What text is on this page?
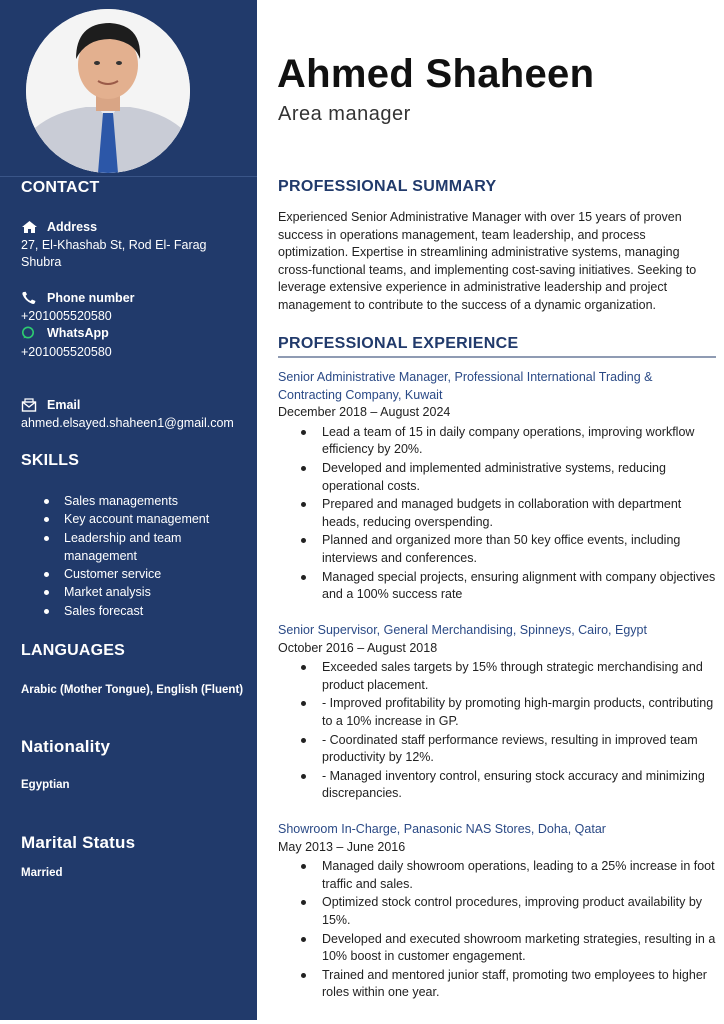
CONTACT
Address
27, El-Khashab St, Rod El- Farag Shubra
Phone number
+201005520580
WhatsApp
+201005520580
Email
ahmed.elsayed.shaheen1@gmail.com
SKILLS
Sales managements
Key account management
Leadership and team management
Customer service
Market analysis
Sales forecast
LANGUAGES
Arabic (Mother Tongue), English (Fluent)
Nationality
Egyptian
Marital Status
Married
Ahmed Shaheen
Area manager
PROFESSIONAL SUMMARY
Experienced Senior Administrative Manager with over 15 years of proven success in operations management, team leadership, and process optimization. Expertise in streamlining administrative systems, managing cross-functional teams, and implementing cost-saving initiatives. Seeking to leverage extensive experience in administrative leadership and project management to contribute to the success of a dynamic organization.
PROFESSIONAL EXPERIENCE
Senior Administrative Manager, Professional International Trading & Contracting Company, Kuwait
December 2018 – August 2024
Lead a team of 15 in daily company operations, improving workflow efficiency by 20%.
Developed and implemented administrative systems, reducing operational costs.
Prepared and managed budgets in collaboration with department heads, reducing overspending.
Planned and organized more than 50 key office events, including interviews and conferences.
Managed special projects, ensuring alignment with company objectives and a 100% success rate
Senior Supervisor, General Merchandising, Spinneys, Cairo, Egypt
October 2016 – August 2018
Exceeded sales targets by 15% through strategic merchandising and product placement.
- Improved profitability by promoting high-margin products, contributing to a 10% increase in GP.
- Coordinated staff performance reviews, resulting in improved team productivity by 12%.
- Managed inventory control, ensuring stock accuracy and minimizing discrepancies.
Showroom In-Charge, Panasonic NAS Stores, Doha, Qatar
May 2013 – June 2016
Managed daily showroom operations, leading to a 25% increase in foot traffic and sales.
Optimized stock control procedures, improving product availability by 15%.
Developed and executed showroom marketing strategies, resulting in a 10% boost in customer engagement.
Trained and mentored junior staff, promoting two employees to higher roles within one year.
